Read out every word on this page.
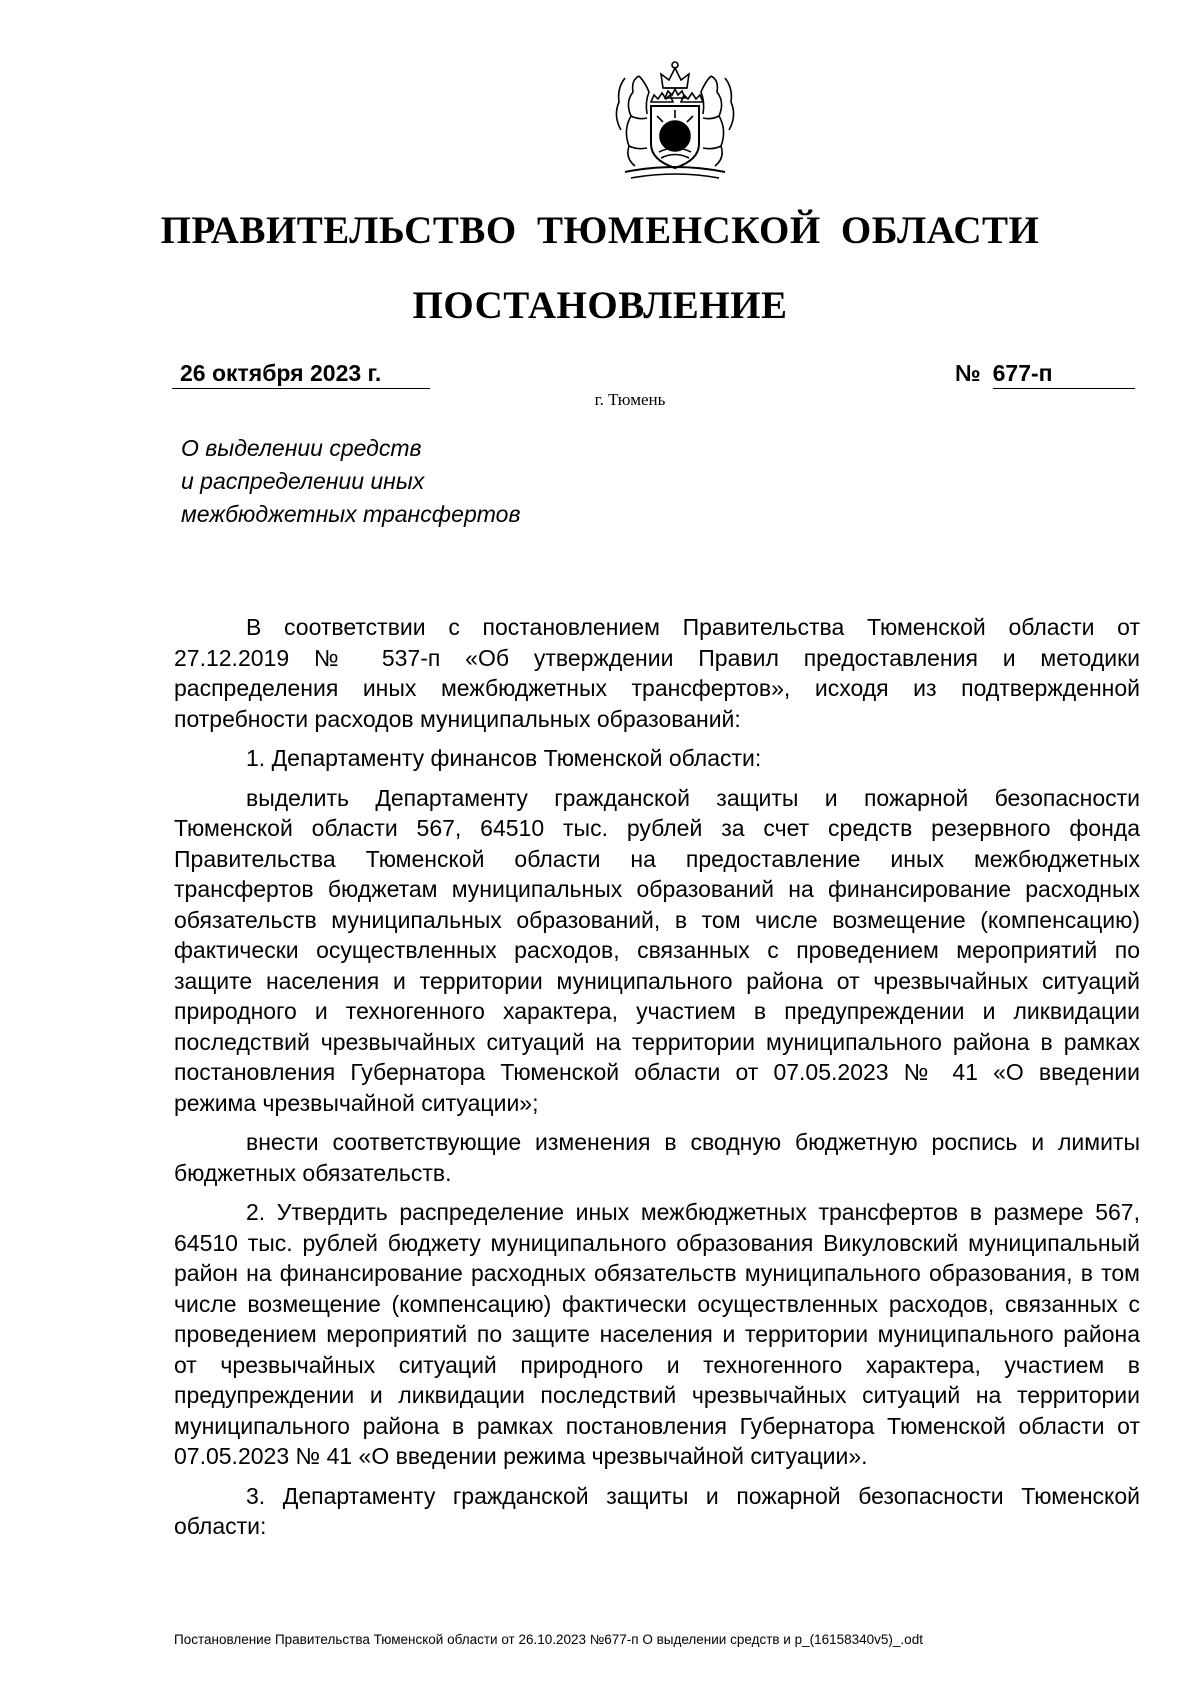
ПРАВИТЕЛЬСТВО ТЮМЕНСКОЙ ОБЛАСТИ
ПОСТАНОВЛЕНИЕ
26 октября 2023 г.	№ 677-п
г. Тюмень
О выделении средств
и распределении иных
межбюджетных трансфертов

В соответствии с постановлением Правительства Тюменской области от 27.12.2019 № 537-п «Об утверждении Правил предоставления и методики распределения иных межбюджетных трансфертов», исходя из подтвержденной потребности расходов муниципальных образований:

1. Департаменту финансов Тюменской области:

выделить Департаменту гражданской защиты и пожарной безопасности Тюменской области 567, 64510 тыс. рублей за счет средств резервного фонда Правительства Тюменской области на предоставление иных межбюджетных трансфертов бюджетам муниципальных образований на финансирование расходных обязательств муниципальных образований, в том числе возмещение (компенсацию) фактически осуществленных расходов, связанных с проведением мероприятий по защите населения и территории муниципального района от чрезвычайных ситуаций природного и техногенного характера, участием в предупреждении и ликвидации последствий чрезвычайных ситуаций на территории муниципального района в рамках постановления Губернатора Тюменской области от 07.05.2023 № 41 «О введении режима чрезвычайной ситуации»;

внести соответствующие изменения в сводную бюджетную роспись и лимиты бюджетных обязательств.

2. Утвердить распределение иных межбюджетных трансфертов в размере 567, 64510 тыс. рублей бюджету муниципального образования Викуловский муниципальный район на финансирование расходных обязательств муниципального образования, в том числе возмещение (компенсацию) фактически осуществленных расходов, связанных с проведением мероприятий по защите населения и территории муниципального района от чрезвычайных ситуаций природного и техногенного характера, участием в предупреждении и ликвидации последствий чрезвычайных ситуаций на территории муниципального района в рамках постановления Губернатора Тюменской области от 07.05.2023 № 41 «О введении режима чрезвычайной ситуации».

3. Департаменту гражданской защиты и пожарной безопасности Тюменской области:

Постановление Правительства Тюменской области от 26.10.2023 №677-п О выделении средств и р_(16158340v5)_.odt
